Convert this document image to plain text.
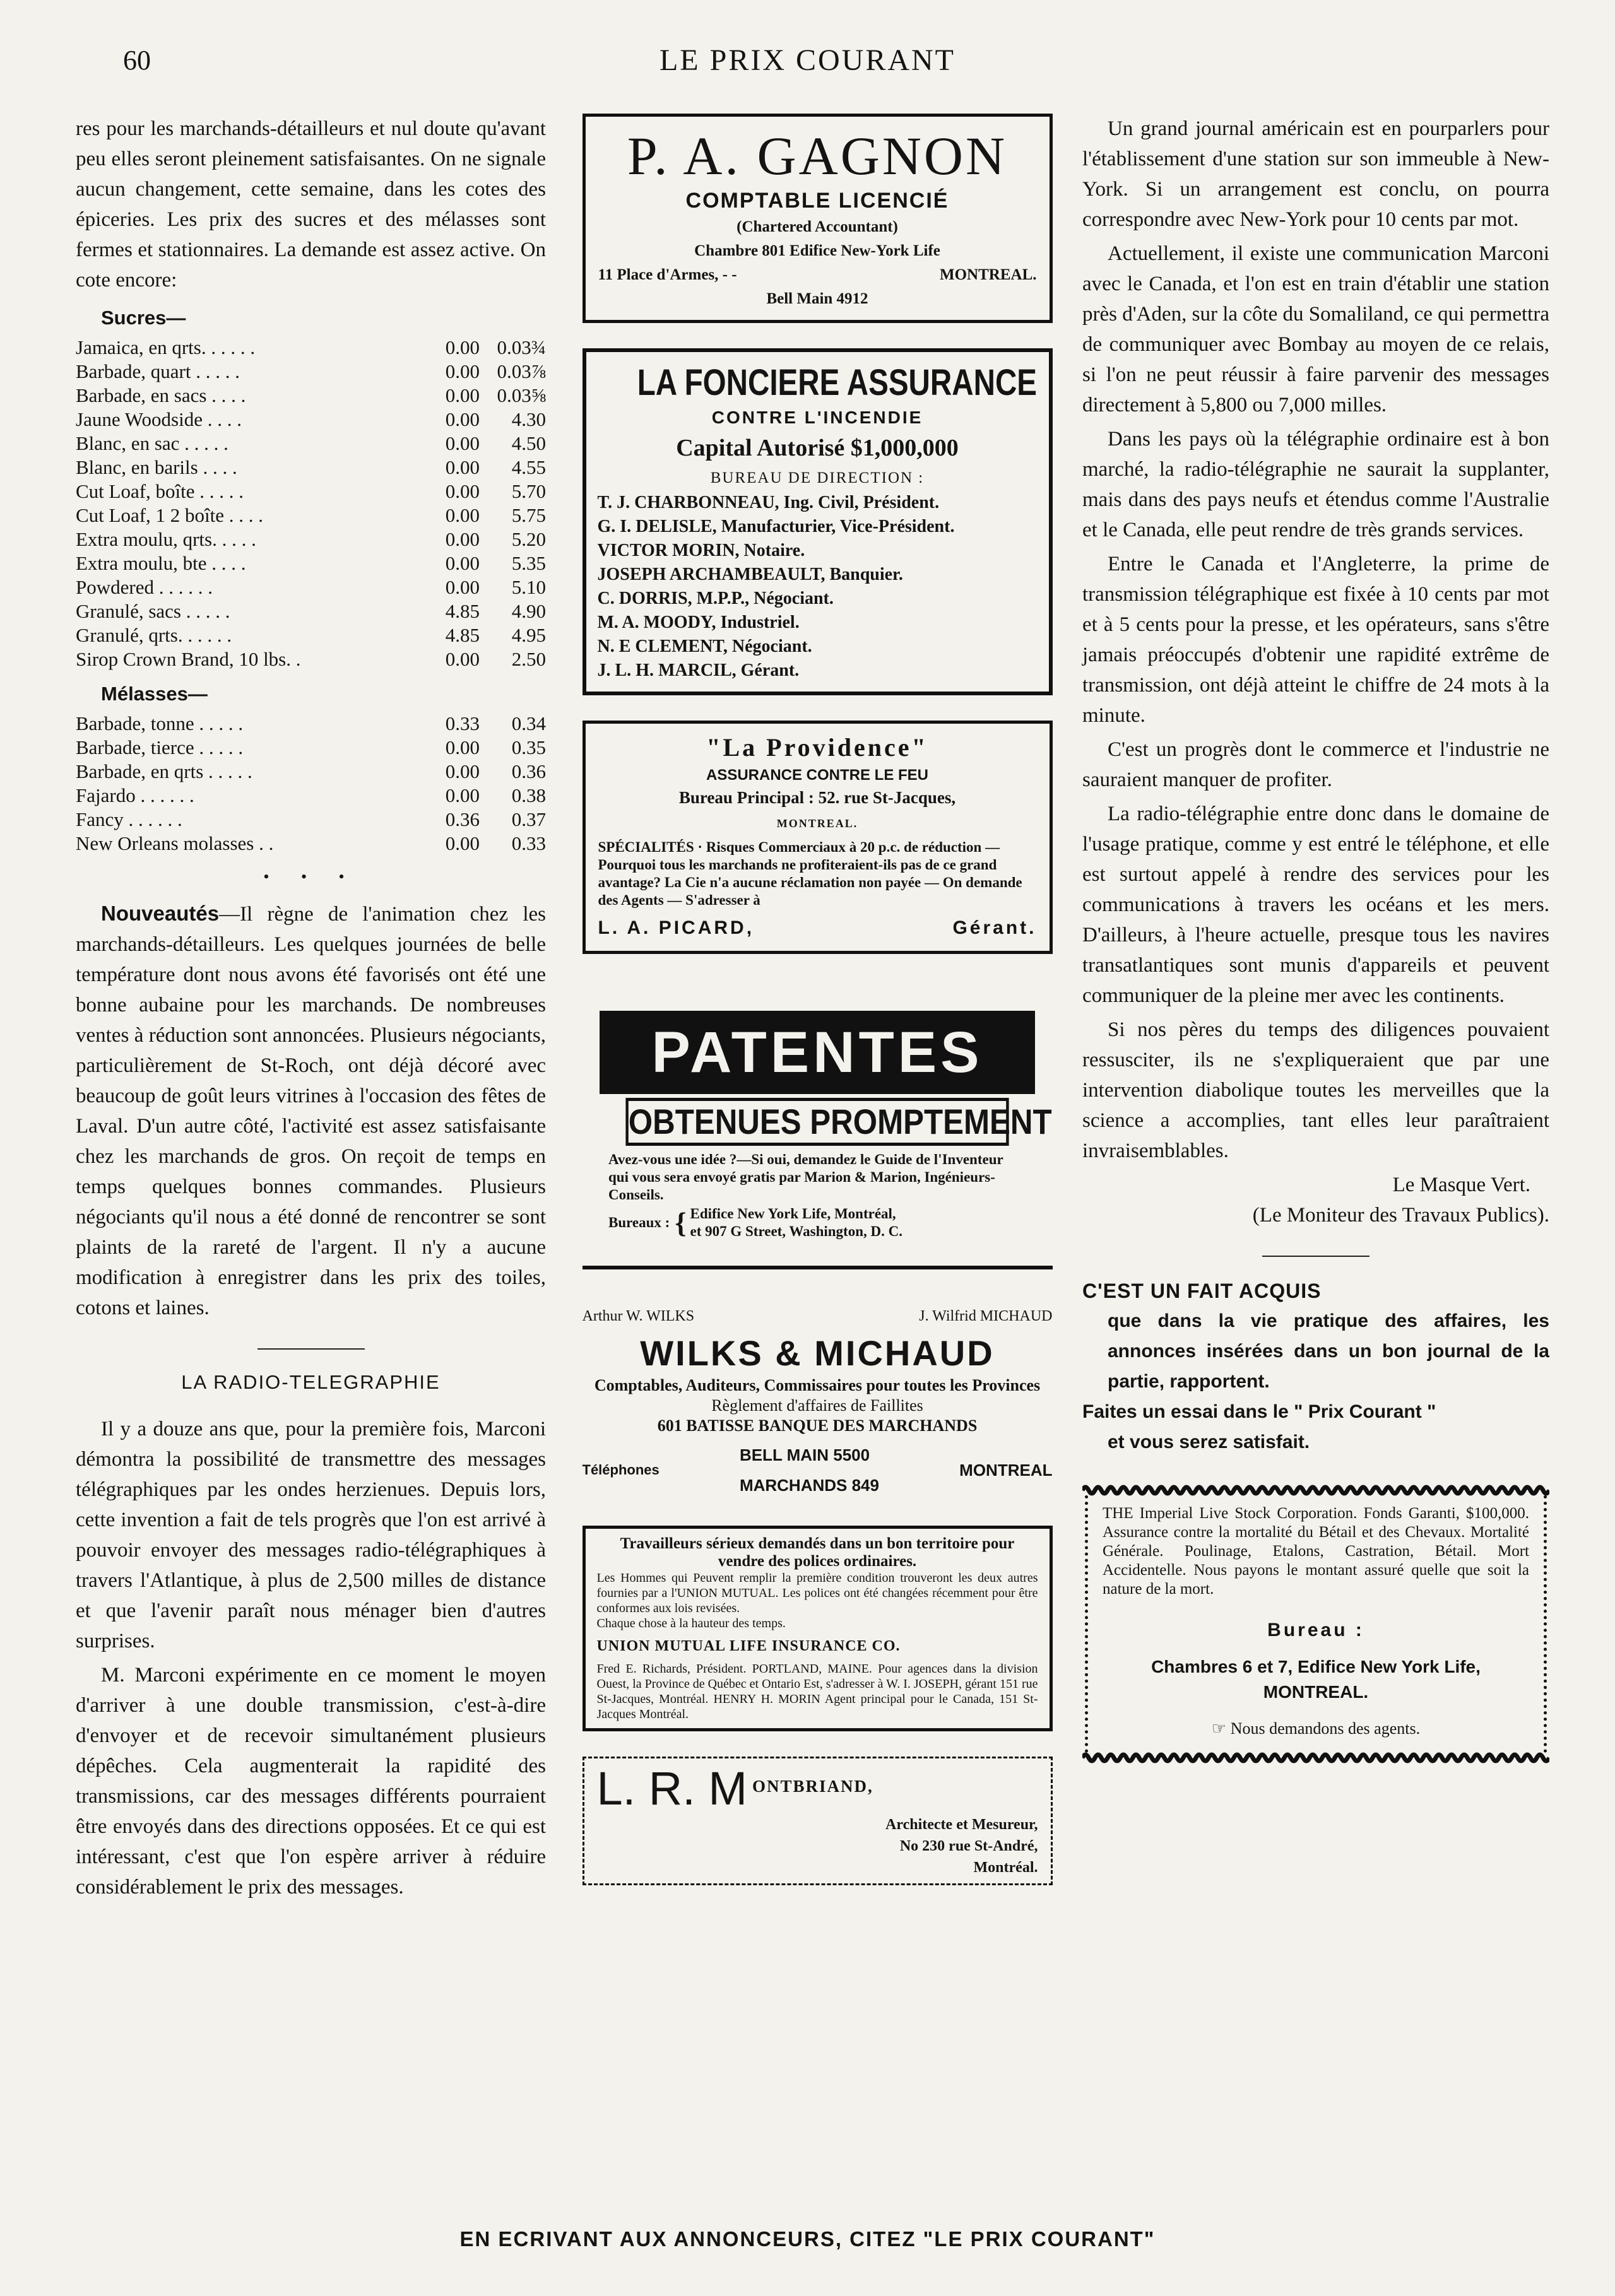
60	LE PRIX COURANT

res pour les marchands-détailleurs et nul doute qu'avant peu elles seront pleinement satisfaisantes. On ne signale aucun changement, cette semaine, dans les cotes des épiceries. Les prix des sucres et des mélasses sont fermes et stationnaires. La demande est assez active. On cote encore:

Sucres—
Jamaica, en qrts. . . . . .	0.00	0.03¾
Barbade, quart . . . . .	0.00	0.03⅞
Barbade, en sacs . . . .	0.00	0.03⅝
Jaune Woodside . . . .	0.00	4.30
Blanc, en sac . . . . .	0.00	4.50
Blanc, en barils . . . .	0.00	4.55
Cut Loaf, boîte . . . . .	0.00	5.70
Cut Loaf, 1 2 boîte . . . .	0.00	5.75
Extra moulu, qrts. . . . .	0.00	5.20
Extra moulu, bte . . . .	0.00	5.35
Powdered . . . . . .	0.00	5.10
Granulé, sacs . . . . .	4.85	4.90
Granulé, qrts. . . . . .	4.85	4.95
Sirop Crown Brand, 10 lbs. .	0.00	2.50
Mélasses—
Barbade, tonne . . . . .	0.33	0.34
Barbade, tierce . . . . .	0.00	0.35
Barbade, en qrts . . . . .	0.00	0.36
Fajardo . . . . . .	0.00	0.38
Fancy . . . . . .	0.36	0.37
New Orleans molasses . .	0.00	0.33
• • •

Nouveautés—Il règne de l'animation chez les marchands-détailleurs. Les quelques journées de belle température dont nous avons été favorisés ont été une bonne aubaine pour les marchands. De nombreuses ventes à réduction sont annoncées. Plusieurs négociants, particulièrement de St-Roch, ont déjà décoré avec beaucoup de goût leurs vitrines à l'occasion des fêtes de Laval. D'un autre côté, l'activité est assez satisfaisante chez les marchands de gros. On reçoit de temps en temps quelques bonnes commandes. Plusieurs négociants qu'il nous a été donné de rencontrer se sont plaints de la rareté de l'argent. Il n'y a aucune modification à enregistrer dans les prix des toiles, cotons et laines.

LA RADIO-TELEGRAPHIE

Il y a douze ans que, pour la première fois, Marconi démontra la possibilité de transmettre des messages télégraphiques par les ondes herzienues. Depuis lors, cette invention a fait de tels progrès que l'on est arrivé à pouvoir envoyer des messages radio-télégraphiques à travers l'Atlantique, à plus de 2,500 milles de distance et que l'avenir paraît nous ménager bien d'autres surprises.

M. Marconi expérimente en ce moment le moyen d'arriver à une double transmission, c'est-à-dire d'envoyer et de recevoir simultanément plusieurs dépêches. Cela augmenterait la rapidité des transmissions, car des messages différents pourraient être envoyés dans des directions opposées. Et ce qui est intéressant, c'est que l'on espère arriver à réduire considérablement le prix des messages.

P. A. GAGNON
COMPTABLE LICENCIÉ
(Chartered Accountant)
Chambre 801 Edifice New-York Life
11 Place d'Armes, - -	MONTREAL.
Bell Main 4912
LA FONCIERE ASSURANCE
CONTRE L'INCENDIE
Capital Autorisé $1,000,000
BUREAU DE DIRECTION :
T. J. CHARBONNEAU, Ing. Civil, Président.
G. I. DELISLE, Manufacturier, Vice-Président.
VICTOR MORIN, Notaire.
JOSEPH ARCHAMBEAULT, Banquier.
C. DORRIS, M.P.P., Négociant.
M. A. MOODY, Industriel.
N. E CLEMENT, Négociant.
J. L. H. MARCIL, Gérant.
"La Providence"
ASSURANCE CONTRE LE FEU
Bureau Principal : 52. rue St-Jacques,
MONTREAL.
SPÉCIALITÉS · Risques Commerciaux à 20 p.c. de réduction — Pourquoi tous les marchands ne profiteraient-ils pas de ce grand avantage? La Cie n'a aucune réclamation non payée — On demande des Agents — S'adresser à
L. A. PICARD,	Gérant.
PATENTES
OBTENUES PROMPTEMENT
Avez-vous une idée ?—Si oui, demandez le Guide de l'Inventeur qui vous sera envoyé gratis par Marion & Marion, Ingénieurs-Conseils.
Bureaux : { Edifice New York Life, Montréal,
et 907 G Street, Washington, D. C.
Arthur W. WILKS	J. Wilfrid MICHAUD
WILKS & MICHAUD
Comptables, Auditeurs, Commissaires pour toutes les Provinces
Règlement d'affaires de Faillites
601 BATISSE BANQUE DES MARCHANDS
Téléphones
BELL MAIN 5500
MARCHANDS 849
MONTREAL
Travailleurs sérieux demandés dans un bon territoire pour vendre des polices ordinaires.
Les Hommes qui Peuvent remplir la première condition trouveront les deux autres fournies par a l'UNION MUTUAL. Les polices ont été changées récemment pour être conformes aux lois revisées.
Chaque chose à la hauteur des temps.
UNION MUTUAL LIFE INSURANCE CO.
Fred E. Richards, Président. PORTLAND, MAINE. Pour agences dans la division Ouest, la Province de Québec et Ontario Est, s'adresser à W. I. JOSEPH, gérant 151 rue St-Jacques, Montréal. HENRY H. MORIN Agent principal pour le Canada, 151 St-Jacques Montréal.
L. R. M ONTBRIAND,
Architecte et Mesureur,
No 230 rue St-André,
Montréal.

Un grand journal américain est en pourparlers pour l'établissement d'une station sur son immeuble à New-York. Si un arrangement est conclu, on pourra correspondre avec New-York pour 10 cents par mot.

Actuellement, il existe une communication Marconi avec le Canada, et l'on est en train d'établir une station près d'Aden, sur la côte du Somaliland, ce qui permettra de communiquer avec Bombay au moyen de ce relais, si l'on ne peut réussir à faire parvenir des messages directement à 5,800 ou 7,000 milles.

Dans les pays où la télégraphie ordinaire est à bon marché, la radio-télégraphie ne saurait la supplanter, mais dans des pays neufs et étendus comme l'Australie et le Canada, elle peut rendre de très grands services.

Entre le Canada et l'Angleterre, la prime de transmission télégraphique est fixée à 10 cents par mot et à 5 cents pour la presse, et les opérateurs, sans s'être jamais préoccupés d'obtenir une rapidité extrême de transmission, ont déjà atteint le chiffre de 24 mots à la minute.

C'est un progrès dont le commerce et l'industrie ne sauraient manquer de profiter.

La radio-télégraphie entre donc dans le domaine de l'usage pratique, comme y est entré le téléphone, et elle est surtout appelé à rendre des services pour les communications à travers les océans et les mers. D'ailleurs, à l'heure actuelle, presque tous les navires transatlantiques sont munis d'appareils et peuvent communiquer de la pleine mer avec les continents.

Si nos pères du temps des diligences pouvaient ressusciter, ils ne s'expliqueraient que par une intervention diabolique toutes les merveilles que la science a accomplies, tant elles leur paraîtraient invraisemblables.

Le Masque Vert.
(Le Moniteur des Travaux Publics).
C'EST UN FAIT ACQUIS
que dans la vie pratique des affaires, les annonces insérées dans un bon journal de la partie, rapportent.
Faites un essai dans le " Prix Courant "
et vous serez satisfait.
THE Imperial Live Stock Corporation. Fonds Garanti, $100,000. Assurance contre la mortalité du Bétail et des Chevaux. Mortalité Générale. Poulinage, Etalons, Castration, Bétail. Mort Accidentelle. Nous payons le montant assuré quelle que soit la nature de la mort.
Bureau :
Chambres 6 et 7, Edifice New York Life,
MONTREAL.
☞ Nous demandons des agents.
EN ECRIVANT AUX ANNONCEURS, CITEZ "LE PRIX COURANT"
